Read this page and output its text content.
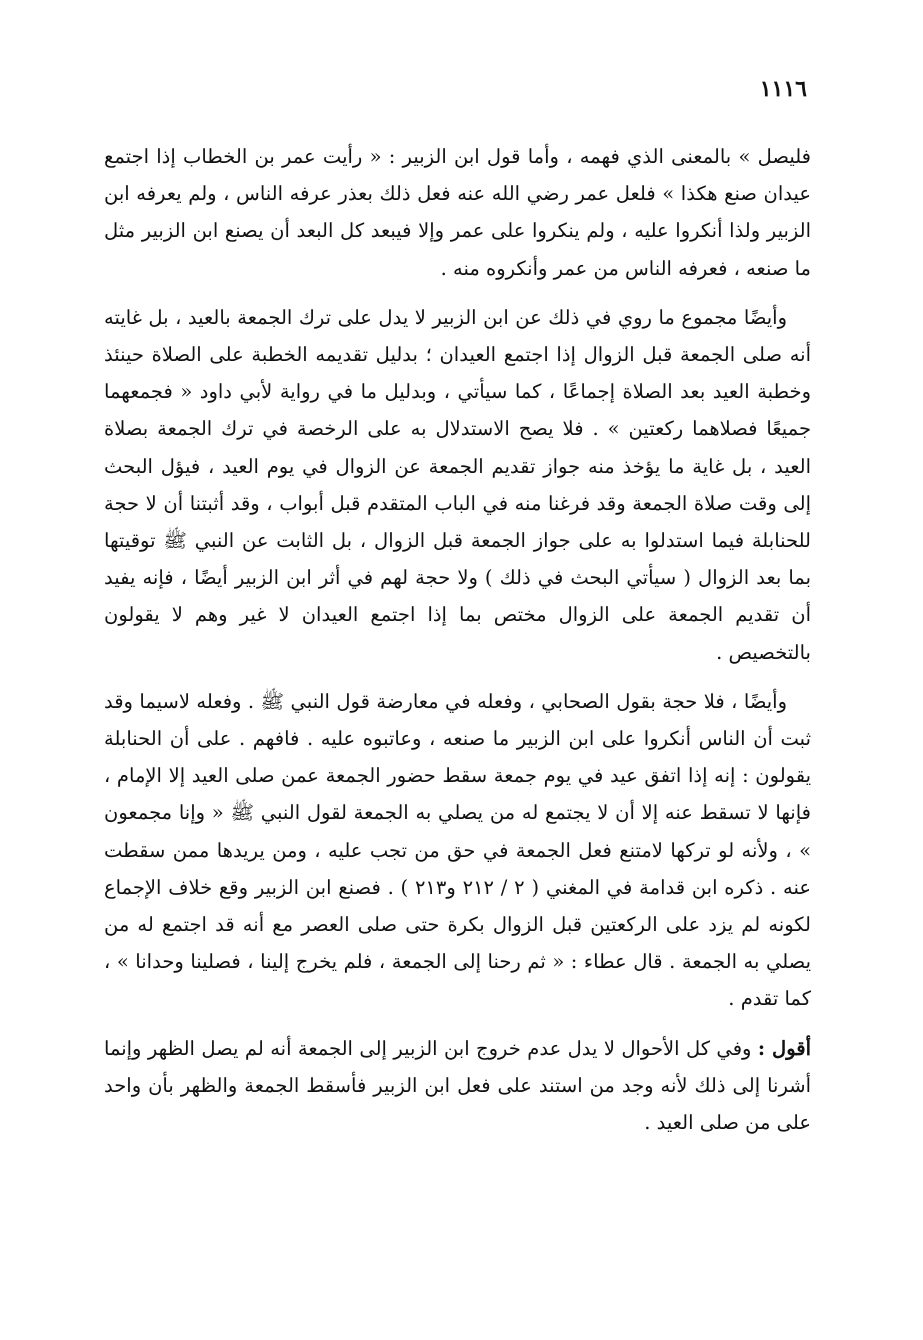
١١١٦

فليصل » بالمعنى الذي فهمه ، وأما قول ابن الزبير : « رأيت عمر بن الخطاب إذا اجتمع عيدان صنع هكذا » فلعل عمر رضي الله عنه فعل ذلك بعذر عرفه الناس ، ولم يعرفه ابن الزبير ولذا أنكروا عليه ، ولم ينكروا على عمر وإلا فيبعد كل البعد أن يصنع ابن الزبير مثل ما صنعه ، فعرفه الناس من عمر وأنكروه منه .

وأيضًا مجموع ما روي في ذلك عن ابن الزبير لا يدل على ترك الجمعة بالعيد ، بل غايته أنه صلى الجمعة قبل الزوال إذا اجتمع العيدان ؛ بدليل تقديمه الخطبة على الصلاة حينئذ وخطبة العيد بعد الصلاة إجماعًا ، كما سيأتي ، وبدليل ما في رواية لأبي داود « فجمعهما جميعًا فصلاهما ركعتين » . فلا يصح الاستدلال به على الرخصة في ترك الجمعة بصلاة العيد ، بل غاية ما يؤخذ منه جواز تقديم الجمعة عن الزوال في يوم العيد ، فيؤل البحث إلى وقت صلاة الجمعة وقد فرغنا منه في الباب المتقدم قبل أبواب ، وقد أثبتنا أن لا حجة للحنابلة فيما استدلوا به على جواز الجمعة قبل الزوال ، بل الثابت عن النبي ﷺ توقيتها بما بعد الزوال ( سيأتي البحث في ذلك ) ولا حجة لهم في أثر ابن الزبير أيضًا ، فإنه يفيد أن تقديم الجمعة على الزوال مختص بما إذا اجتمع العيدان لا غير وهم لا يقولون بالتخصيص .

وأيضًا ، فلا حجة بقول الصحابي ، وفعله في معارضة قول النبي ﷺ . وفعله لاسيما وقد ثبت أن الناس أنكروا على ابن الزبير ما صنعه ، وعاتبوه عليه . فافهم . على أن الحنابلة يقولون : إنه إذا اتفق عيد في يوم جمعة سقط حضور الجمعة عمن صلى العيد إلا الإمام ، فإنها لا تسقط عنه إلا أن لا يجتمع له من يصلي به الجمعة لقول النبي ﷺ « وإنا مجمعون » ، ولأنه لو تركها لامتنع فعل الجمعة في حق من تجب عليه ، ومن يريدها ممن سقطت عنه . ذكره ابن قدامة في المغني ( ٢ / ٢١٢ و٢١٣ ) . فصنع ابن الزبير وقع خلاف الإجماع لكونه لم يزد على الركعتين قبل الزوال بكرة حتى صلى العصر مع أنه قد اجتمع له من يصلي به الجمعة . قال عطاء : « ثم رحنا إلى الجمعة ، فلم يخرج إلينا ، فصلينا وحدانا » ، كما تقدم .

أقول : وفي كل الأحوال لا يدل عدم خروج ابن الزبير إلى الجمعة أنه لم يصل الظهر وإنما أشرنا إلى ذلك لأنه وجد من استند على فعل ابن الزبير فأسقط الجمعة والظهر بأن واحد على من صلى العيد .
